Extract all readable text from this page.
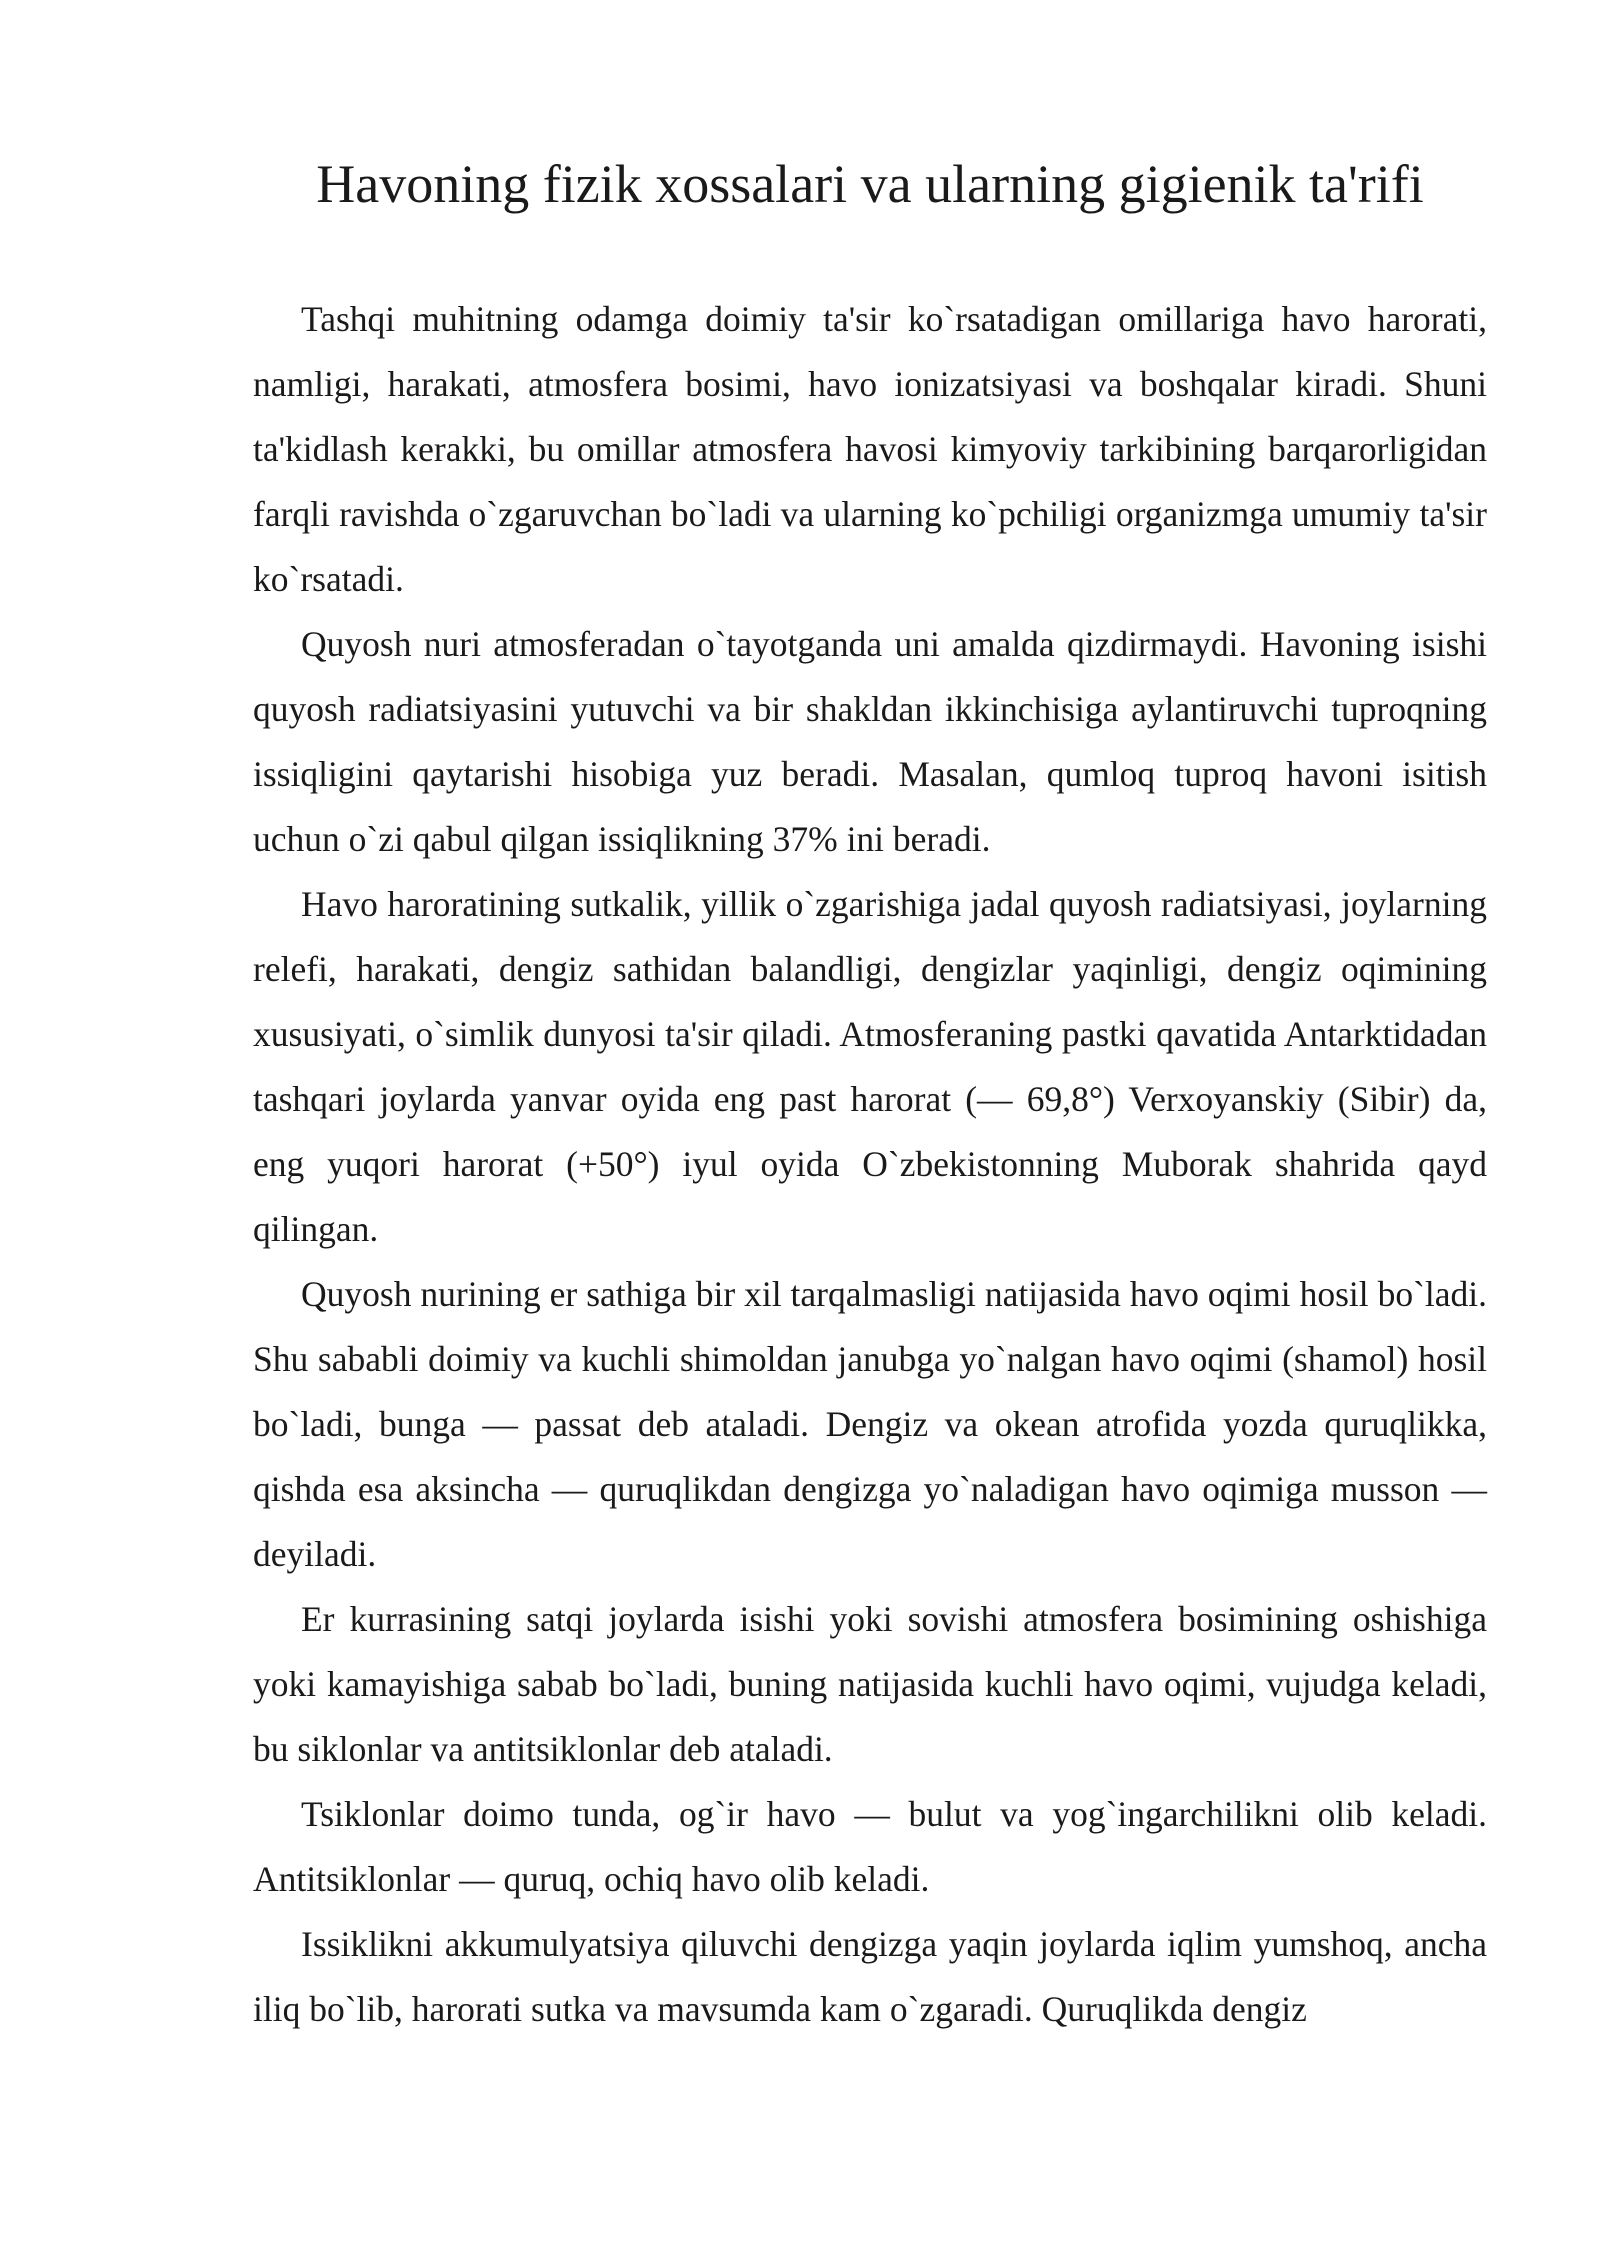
Havoning fizik xossalari va ularning gigienik ta'rifi

Tashqi muhitning odamga doimiy ta'sir ko`rsatadigan omillariga havo harorati, namligi, harakati, atmosfera bosimi, havo ionizatsiyasi va boshqalar kiradi. Shuni ta'kidlash kerakki, bu omillar atmosfera havosi kimyoviy tarkibining barqarorligidan farqli ravishda o`zgaruvchan bo`ladi va ularning ko`pchiligi organizmga umumiy ta'sir ko`rsatadi.

Quyosh nuri atmosferadan o`tayotganda uni amalda qizdirmaydi. Havoning isishi quyosh radiatsiyasini yutuvchi va bir shakldan ikkinchisiga aylantiruvchi tuproqning issiqligini qaytarishi hisobiga yuz beradi. Masalan, qumloq tuproq havoni isitish uchun o`zi qabul qilgan issiqlikning 37% ini beradi.

Havo haroratining sutkalik, yillik o`zgarishiga jadal quyosh radiatsiyasi, joylarning relefi, harakati, dengiz sathidan balandligi, dengizlar yaqinligi, dengiz oqimining xususiyati, o`simlik dunyosi ta'sir qiladi. Atmosferaning pastki qavatida Antarktidadan tashqari joylarda yanvar oyida eng past harorat (— 69,8°) Verxoyanskiy (Sibir) da, eng yuqori harorat (+50°) iyul oyida O`zbekistonning Muborak shahrida qayd qilingan.

Quyosh nurining er sathiga bir xil tarqalmasligi natijasida havo oqimi hosil bo`ladi. Shu sababli doimiy va kuchli shimoldan janubga yo`nalgan havo oqimi (shamol) hosil bo`ladi, bunga — passat deb ataladi. Dengiz va okean atrofida yozda quruqlikka, qishda esa aksincha — quruqlikdan dengizga yo`naladigan havo oqimiga musson — deyiladi.

Er kurrasining satqi joylarda isishi yoki sovishi atmosfera bosimining oshishiga yoki kamayishiga sabab bo`ladi, buning natijasida kuchli havo oqimi, vujudga keladi, bu siklonlar va antitsiklonlar deb ataladi.

Tsiklonlar doimo tunda, og`ir havo — bulut va yog`ingarchilikni olib keladi. Antitsiklonlar — quruq, ochiq havo olib keladi.

Issiklikni akkumulyatsiya qiluvchi dengizga yaqin joylarda iqlim yumshoq, ancha iliq bo`lib, harorati sutka va mavsumda kam o`zgaradi. Quruqlikda dengiz
